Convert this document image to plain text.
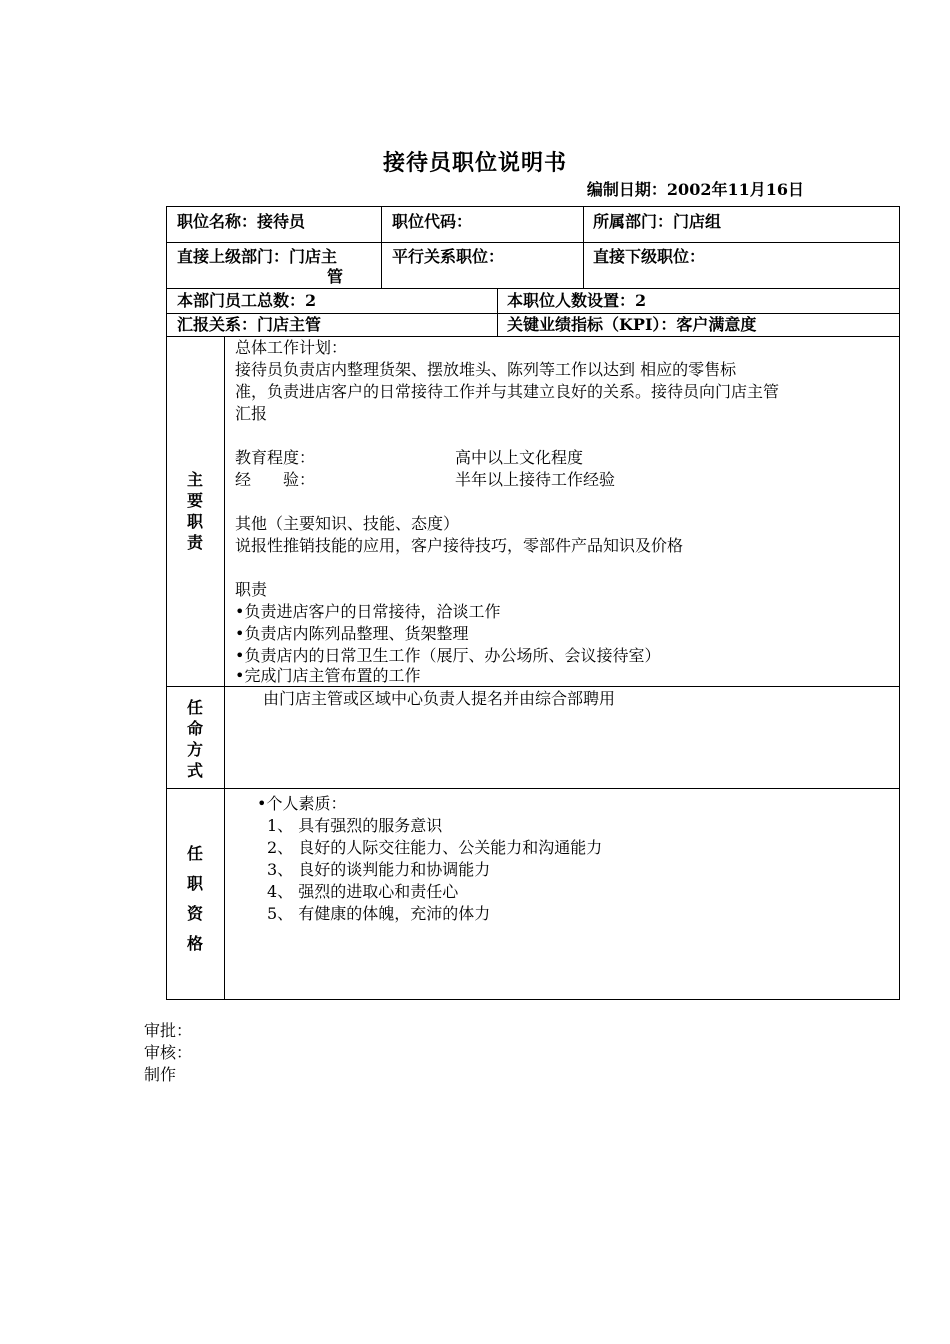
接待员职位说明书
编制日期：2002年11月16日
职位名称：接待员	职位代码：	所属部门：门店组
直接上级部门：门店主
管
平行关系职位：	直接下级职位：
本部门员工总数：2	本职位人数设置：2
汇报关系：门店主管	关键业绩指标（KPI）：客户满意度
主
要
职
责
总体工作计划：
接待员负责店内整理货架、摆放堆头、陈列等工作以达到 相应的零售标
准，负责进店客户的日常接待工作并与其建立良好的关系。接待员向门店主管
汇报
教育程度：	高中以上文化程度
经　　验：	半年以上接待工作经验
其他（主要知识、技能、态度）
说报性推销技能的应用，客户接待技巧，零部件产品知识及价格
职责
•负责进店客户的日常接待，洽谈工作
•负责店内陈列品整理、货架整理
•负责店内的日常卫生工作（展厅、办公场所、会议接待室）
•完成门店主管布置的工作
任
命
方
式
由门店主管或区域中心负责人提名并由综合部聘用
任
职
资
格
•个人素质：
1、 具有强烈的服务意识
2、 良好的人际交往能力、公关能力和沟通能力
3、 良好的谈判能力和协调能力
4、 强烈的进取心和责任心
5、 有健康的体魄，充沛的体力
审批：
审核：
制作
